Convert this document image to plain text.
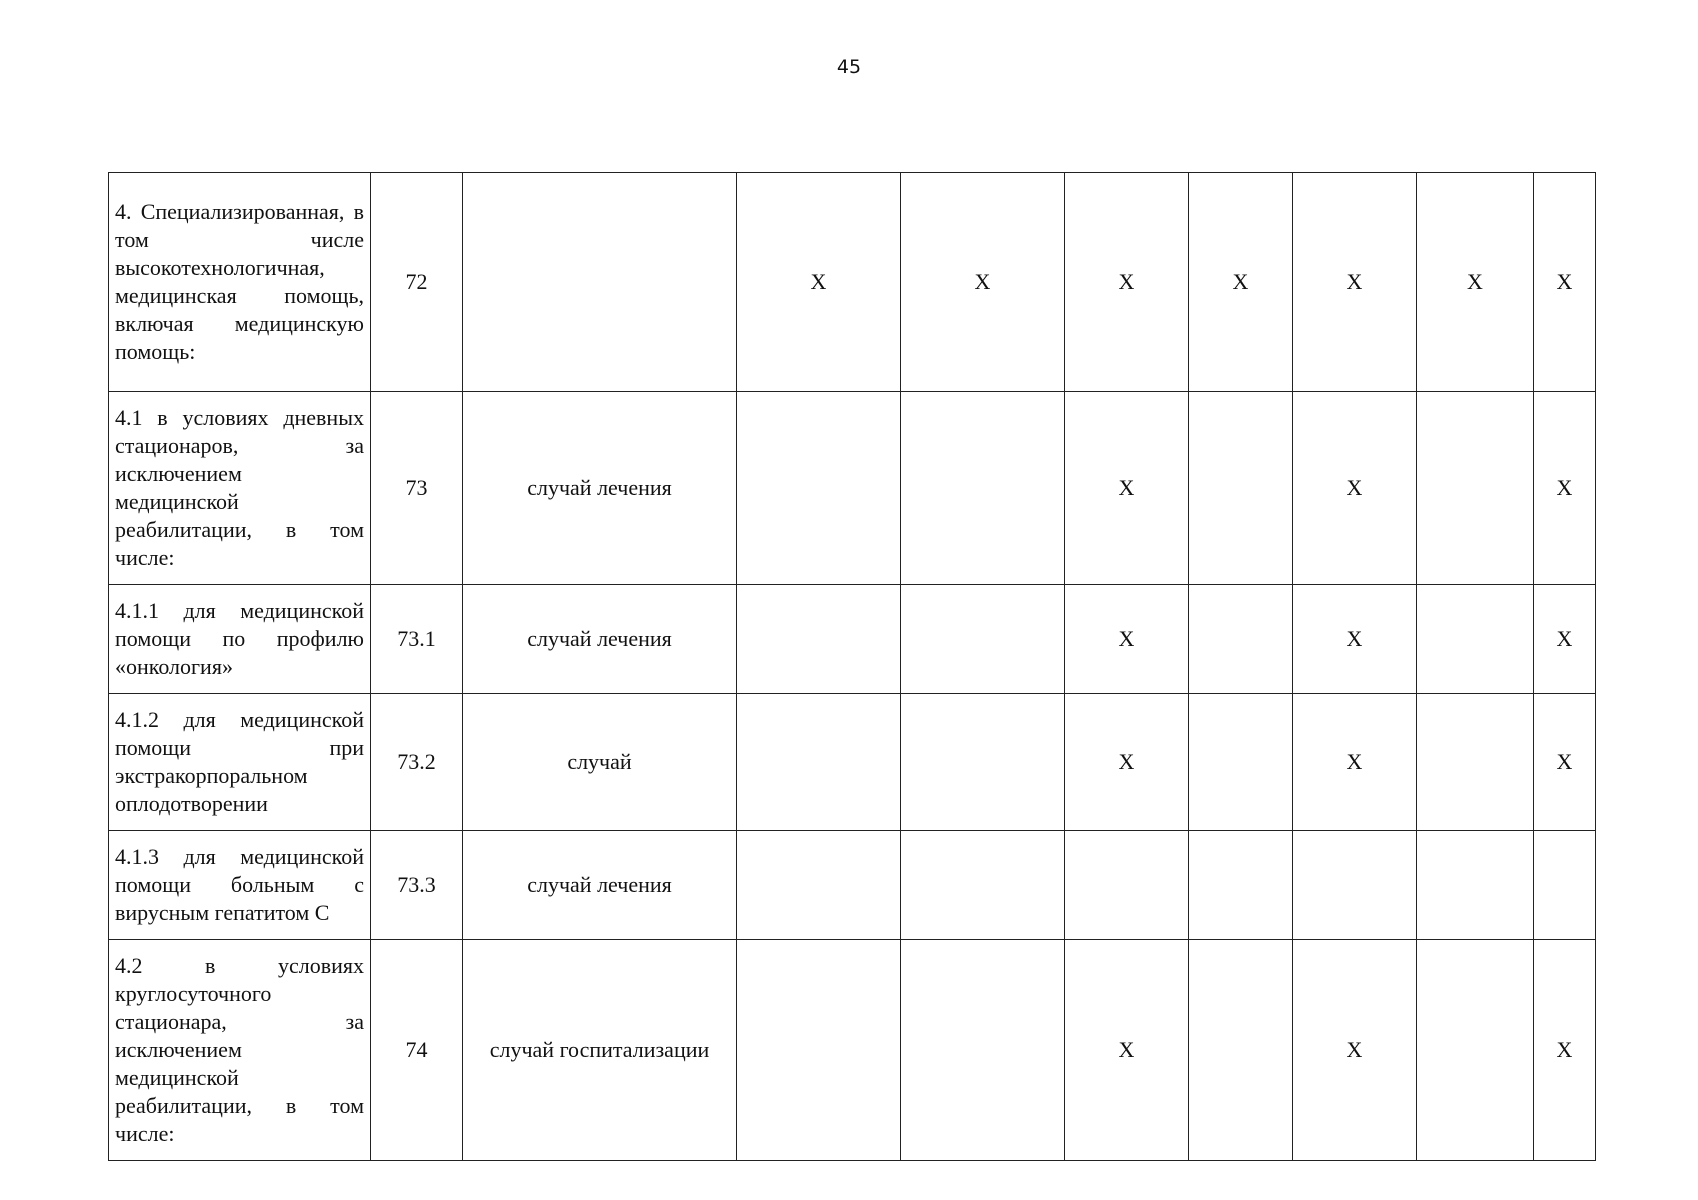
45
4. Специализированная, в том числе высокотехнологичная, медицинская помощь, включая медицинскую помощь:	72		X	X	X	X	X	X	X
4.1 в условиях дневных стационаров, за исключением медицинской реабилитации, в том числе:	73	случай лечения			X		X		X
4.1.1 для медицинской помощи по профилю «онкология»	73.1	случай лечения			X		X		X
4.1.2 для медицинской помощи при экстракорпоральном оплодотворении	73.2	случай			X		X		X
4.1.3 для медицинской помощи больным с вирусным гепатитом С	73.3	случай лечения							
4.2 в условиях круглосуточного стационара, за исключением медицинской реабилитации, в том числе:	74	случай госпитализации			X		X		X
